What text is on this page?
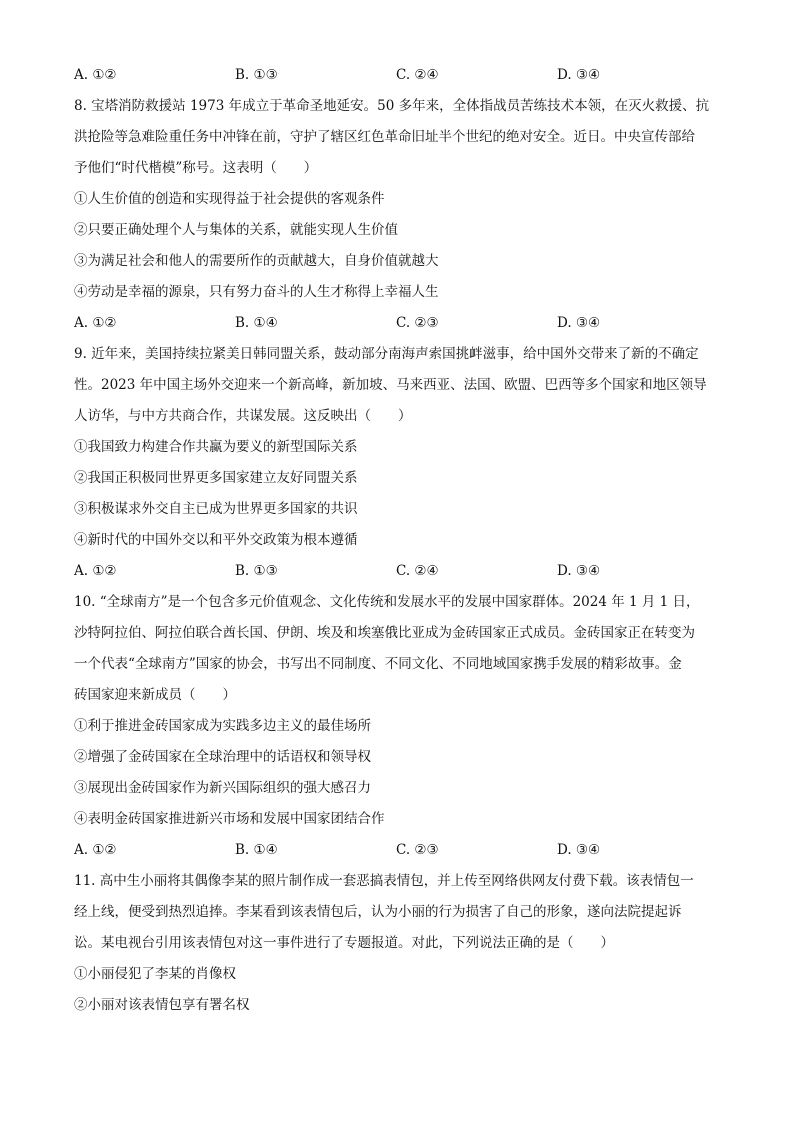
A. ①②	B. ①③	C. ②④	D. ③④
8. 宝塔消防救援站 1973 年成立于革命圣地延安。50 多年来，全体指战员苦练技术本领，在灭火救援、抗
洪抢险等急难险重任务中冲锋在前，守护了辖区红色革命旧址半个世纪的绝对安全。近日。中央宣传部给
予他们“时代楷模”称号。这表明（　　）
①人生价值的创造和实现得益于社会提供的客观条件
②只要正确处理个人与集体的关系，就能实现人生价值
③为满足社会和他人的需要所作的贡献越大，自身价值就越大
④劳动是幸福的源泉，只有努力奋斗的人生才称得上幸福人生
A. ①②	B. ①④	C. ②③	D. ③④
9. 近年来，美国持续拉紧美日韩同盟关系，鼓动部分南海声索国挑衅滋事，给中国外交带来了新的不确定
性。2023 年中国主场外交迎来一个新高峰，新加坡、马来西亚、法国、欧盟、巴西等多个国家和地区领导
人访华，与中方共商合作，共谋发展。这反映出（　　）
①我国致力构建合作共赢为要义的新型国际关系
②我国正积极同世界更多国家建立友好同盟关系
③积极谋求外交自主已成为世界更多国家的共识
④新时代的中国外交以和平外交政策为根本遵循
A. ①②	B. ①③	C. ②④	D. ③④
10. “全球南方”是一个包含多元价值观念、文化传统和发展水平的发展中国家群体。2024 年 1 月 1 日，
沙特阿拉伯、阿拉伯联合酋长国、伊朗、埃及和埃塞俄比亚成为金砖国家正式成员。金砖国家正在转变为
一个代表“全球南方”国家的协会，书写出不同制度、不同文化、不同地域国家携手发展的精彩故事。金
砖国家迎来新成员（　　）
①利于推进金砖国家成为实践多边主义的最佳场所
②增强了金砖国家在全球治理中的话语权和领导权
③展现出金砖国家作为新兴国际组织的强大感召力
④表明金砖国家推进新兴市场和发展中国家团结合作
A. ①②	B. ①④	C. ②③	D. ③④
11. 高中生小丽将其偶像李某的照片制作成一套恶搞表情包，并上传至网络供网友付费下载。该表情包一
经上线，便受到热烈追捧。李某看到该表情包后，认为小丽的行为损害了自己的形象，遂向法院提起诉
讼。某电视台引用该表情包对这一事件进行了专题报道。对此，下列说法正确的是（　　）
①小丽侵犯了李某的肖像权
②小丽对该表情包享有署名权
